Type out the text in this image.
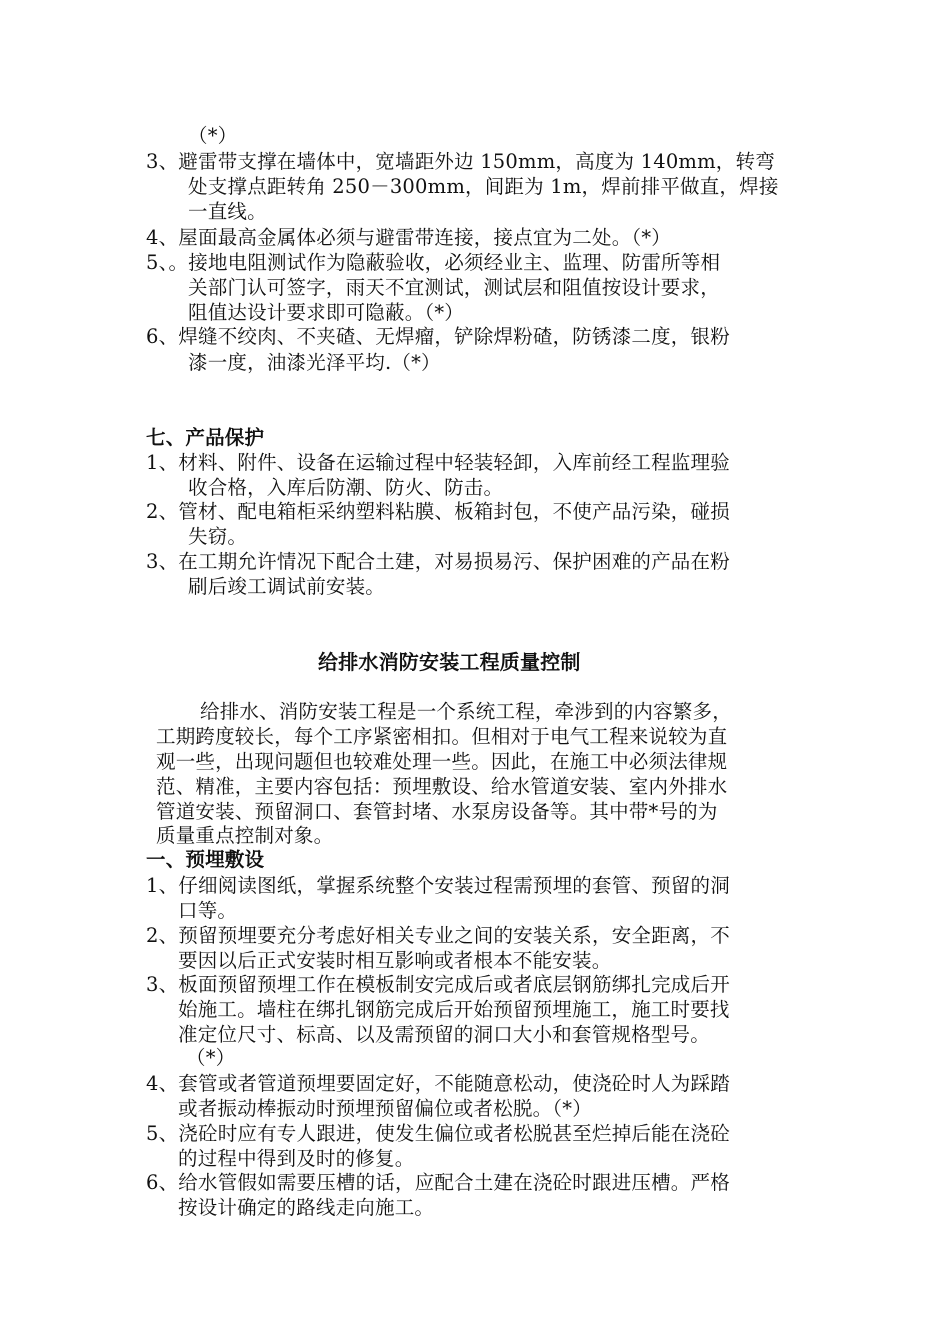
（*）
3、避雷带支撑在墙体中，宽墙距外边 150mm，高度为 140mm，转弯
处支撑点距转角 250－300mm，间距为 1m，焊前排平做直，焊接
一直线。
4、屋面最高金属体必须与避雷带连接，接点宜为二处。（*）
5、。接地电阻测试作为隐蔽验收，必须经业主、监理、防雷所等相
关部门认可签字，雨天不宜测试，测试层和阻值按设计要求，
阻值达设计要求即可隐蔽。（*）
6、焊缝不绞肉、不夹碴、无焊瘤，铲除焊粉碴，防锈漆二度，银粉
漆一度，油漆光泽平均.（*）
七、产品保护
1、材料、附件、设备在运输过程中轻装轻卸，入库前经工程监理验
收合格，入库后防潮、防火、防击。
2、管材、配电箱柜采纳塑料粘膜、板箱封包，不使产品污染，碰损
失窃。
3、在工期允许情况下配合土建，对易损易污、保护困难的产品在粉
刷后竣工调试前安装。
给排水消防安装工程质量控制
给排水、消防安装工程是一个系统工程，牵涉到的内容繁多，
工期跨度较长，每个工序紧密相扣。但相对于电气工程来说较为直
观一些，出现问题但也较难处理一些。因此，在施工中必须法律规
范、精准，主要内容包括：预埋敷设、给水管道安装、室内外排水
管道安装、预留洞口、套管封堵、水泵房设备等。其中带*号的为
质量重点控制对象。
一、预埋敷设
1、仔细阅读图纸，掌握系统整个安装过程需预埋的套管、预留的洞
口等。
2、预留预埋要充分考虑好相关专业之间的安装关系，安全距离，不
要因以后正式安装时相互影响或者根本不能安装。
3、板面预留预埋工作在模板制安完成后或者底层钢筋绑扎完成后开
始施工。墙柱在绑扎钢筋完成后开始预留预埋施工，施工时要找
准定位尺寸、标高、以及需预留的洞口大小和套管规格型号。
（*）
4、套管或者管道预埋要固定好，不能随意松动，使浇砼时人为踩踏
或者振动棒振动时预埋预留偏位或者松脱。（*）
5、浇砼时应有专人跟进，使发生偏位或者松脱甚至烂掉后能在浇砼
的过程中得到及时的修复。
6、给水管假如需要压槽的话，应配合土建在浇砼时跟进压槽。严格
按设计确定的路线走向施工。
